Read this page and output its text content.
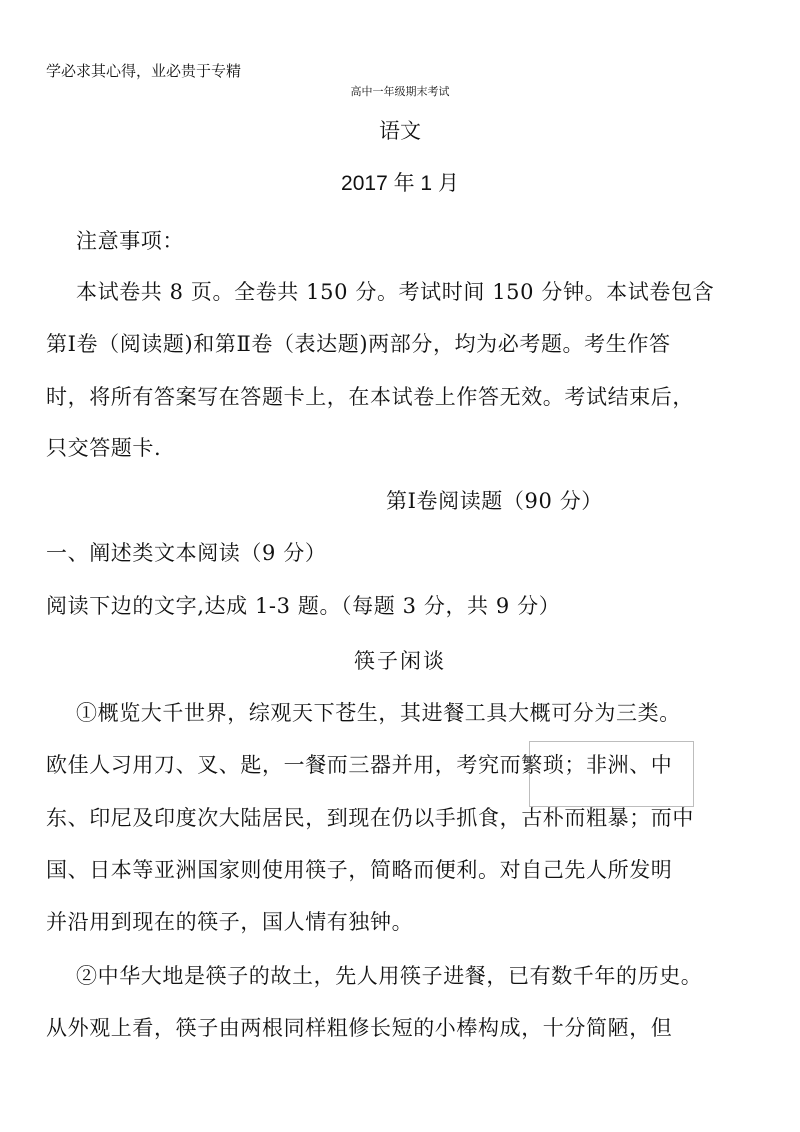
学必求其心得，业必贵于专精
高中一年级期末考试
语文
2017 年 1 月
注意事项：
本试卷共 8 页。全卷共 150 分。考试时间 150 分钟。本试卷包含
第Ⅰ卷（阅读题)和第Ⅱ卷（表达题)两部分，均为必考题。考生作答
时，将所有答案写在答题卡上，在本试卷上作答无效。考试结束后，
只交答题卡.
第Ⅰ卷阅读题（90 分）
一、阐述类文本阅读（9 分）
阅读下边的文字,达成 1-3 题。（每题 3 分，共 9 分）
筷子闲谈
①概览大千世界，综观天下苍生，其进餐工具大概可分为三类。
欧佳人习用刀、叉、匙，一餐而三器并用，考究而繁琐；非洲、中
东、印尼及印度次大陆居民，到现在仍以手抓食，古朴而粗暴；而中
国、日本等亚洲国家则使用筷子，简略而便利。对自己先人所发明
并沿用到现在的筷子，国人情有独钟。
②中华大地是筷子的故土，先人用筷子进餐，已有数千年的历史。
从外观上看，筷子由两根同样粗修长短的小棒构成，十分简陋，但
